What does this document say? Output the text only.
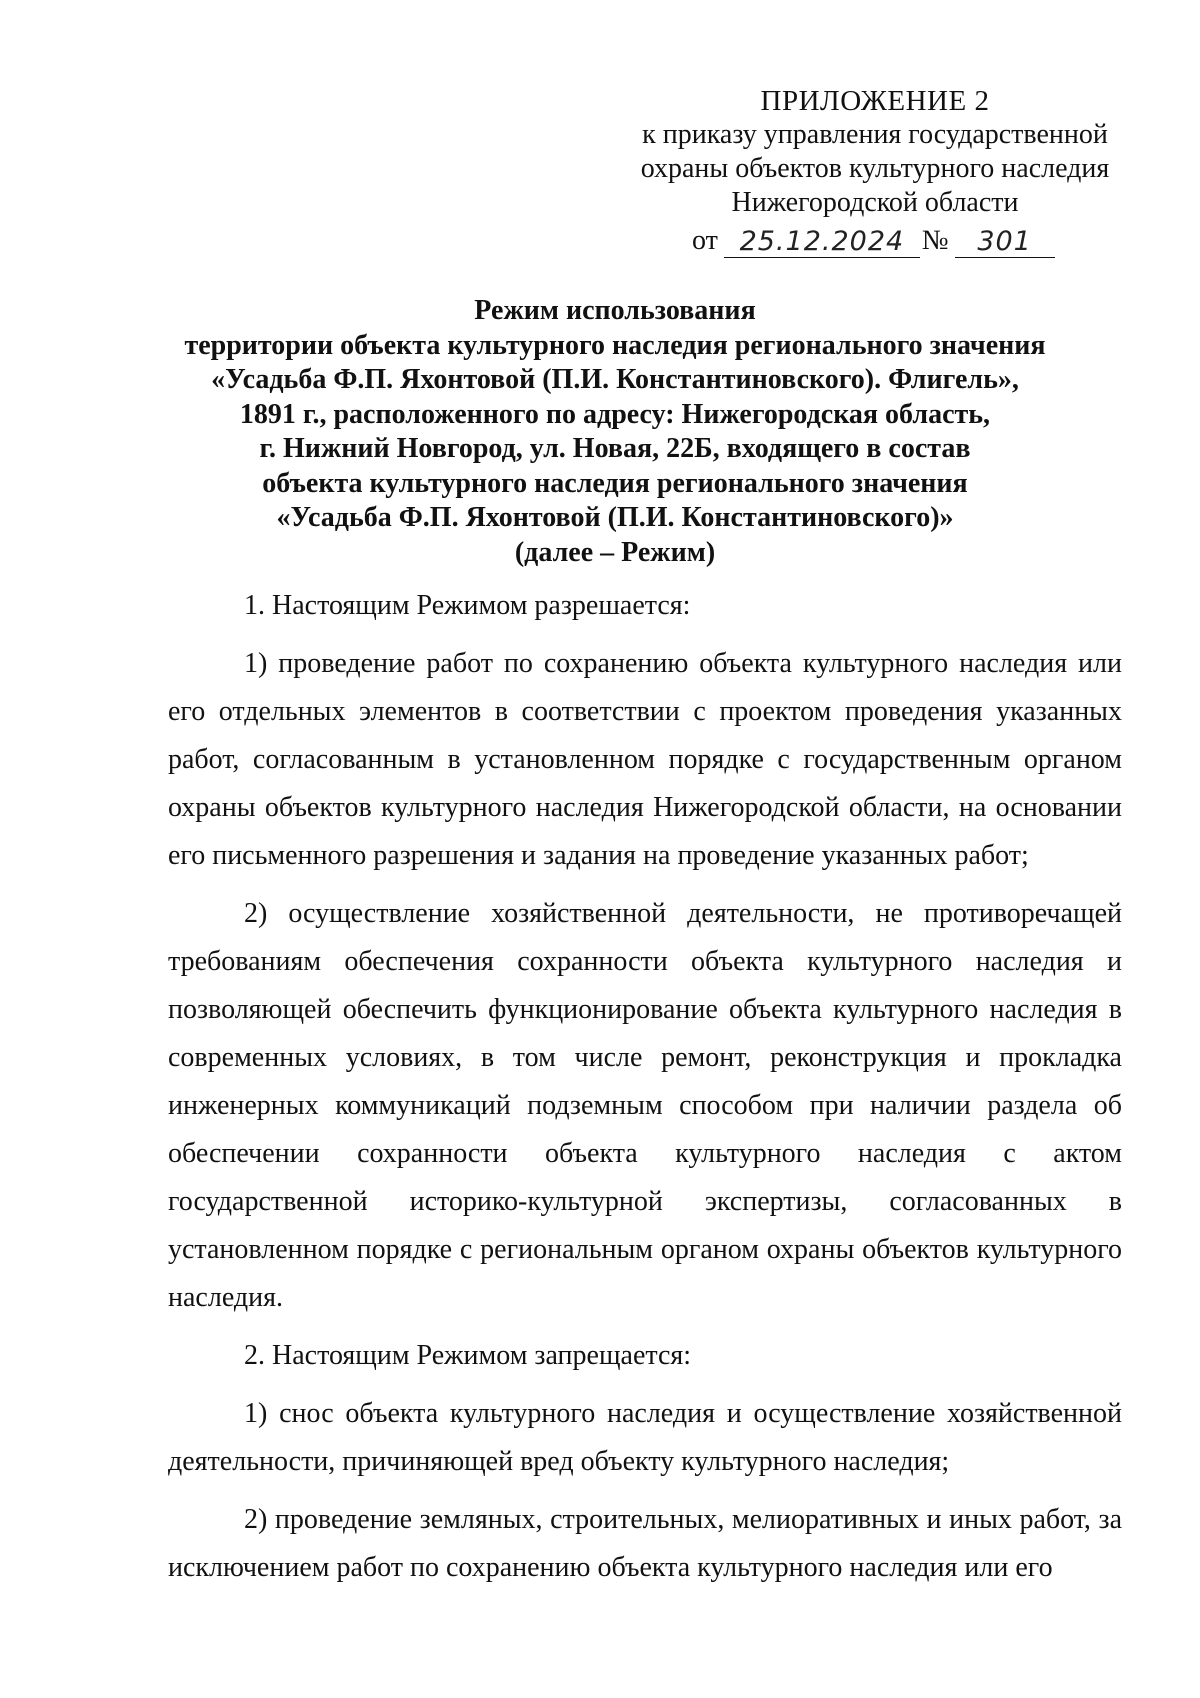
ПРИЛОЖЕНИЕ 2
к приказу управления государственной
охраны объектов культурного наследия
Нижегородской области
от 25.12.2024 №	301
Режим использования
территории объекта культурного наследия регионального значения
«Усадьба Ф.П. Яхонтовой (П.И. Константиновского). Флигель»,
1891 г., расположенного по адресу: Нижегородская область,
г. Нижний Новгород, ул. Новая, 22Б, входящего в состав
объекта культурного наследия регионального значения
«Усадьба Ф.П. Яхонтовой (П.И. Константиновского)»
(далее – Режим)

1. Настоящим Режимом разрешается:

1) проведение работ по сохранению объекта культурного наследия или его отдельных элементов в соответствии с проектом проведения указанных работ, согласованным в установленном порядке с государственным органом охраны объектов культурного наследия Нижегородской области, на основании его письменного разрешения и задания на проведение указанных работ;

2) осуществление хозяйственной деятельности, не противоречащей требованиям обеспечения сохранности объекта культурного наследия и позволяющей обеспечить функционирование объекта культурного наследия в современных условиях, в том числе ремонт, реконструкция и прокладка инженерных коммуникаций подземным способом при наличии раздела об обеспечении сохранности объекта культурного наследия с актом государственной историко-культурной экспертизы, согласованных в установленном порядке с региональным органом охраны объектов культурного наследия.

2. Настоящим Режимом запрещается:

1) снос объекта культурного наследия и осуществление хозяйственной деятельности, причиняющей вред объекту культурного наследия;

2) проведение земляных, строительных, мелиоративных и иных работ, за исключением работ по сохранению объекта культурного наследия или его
